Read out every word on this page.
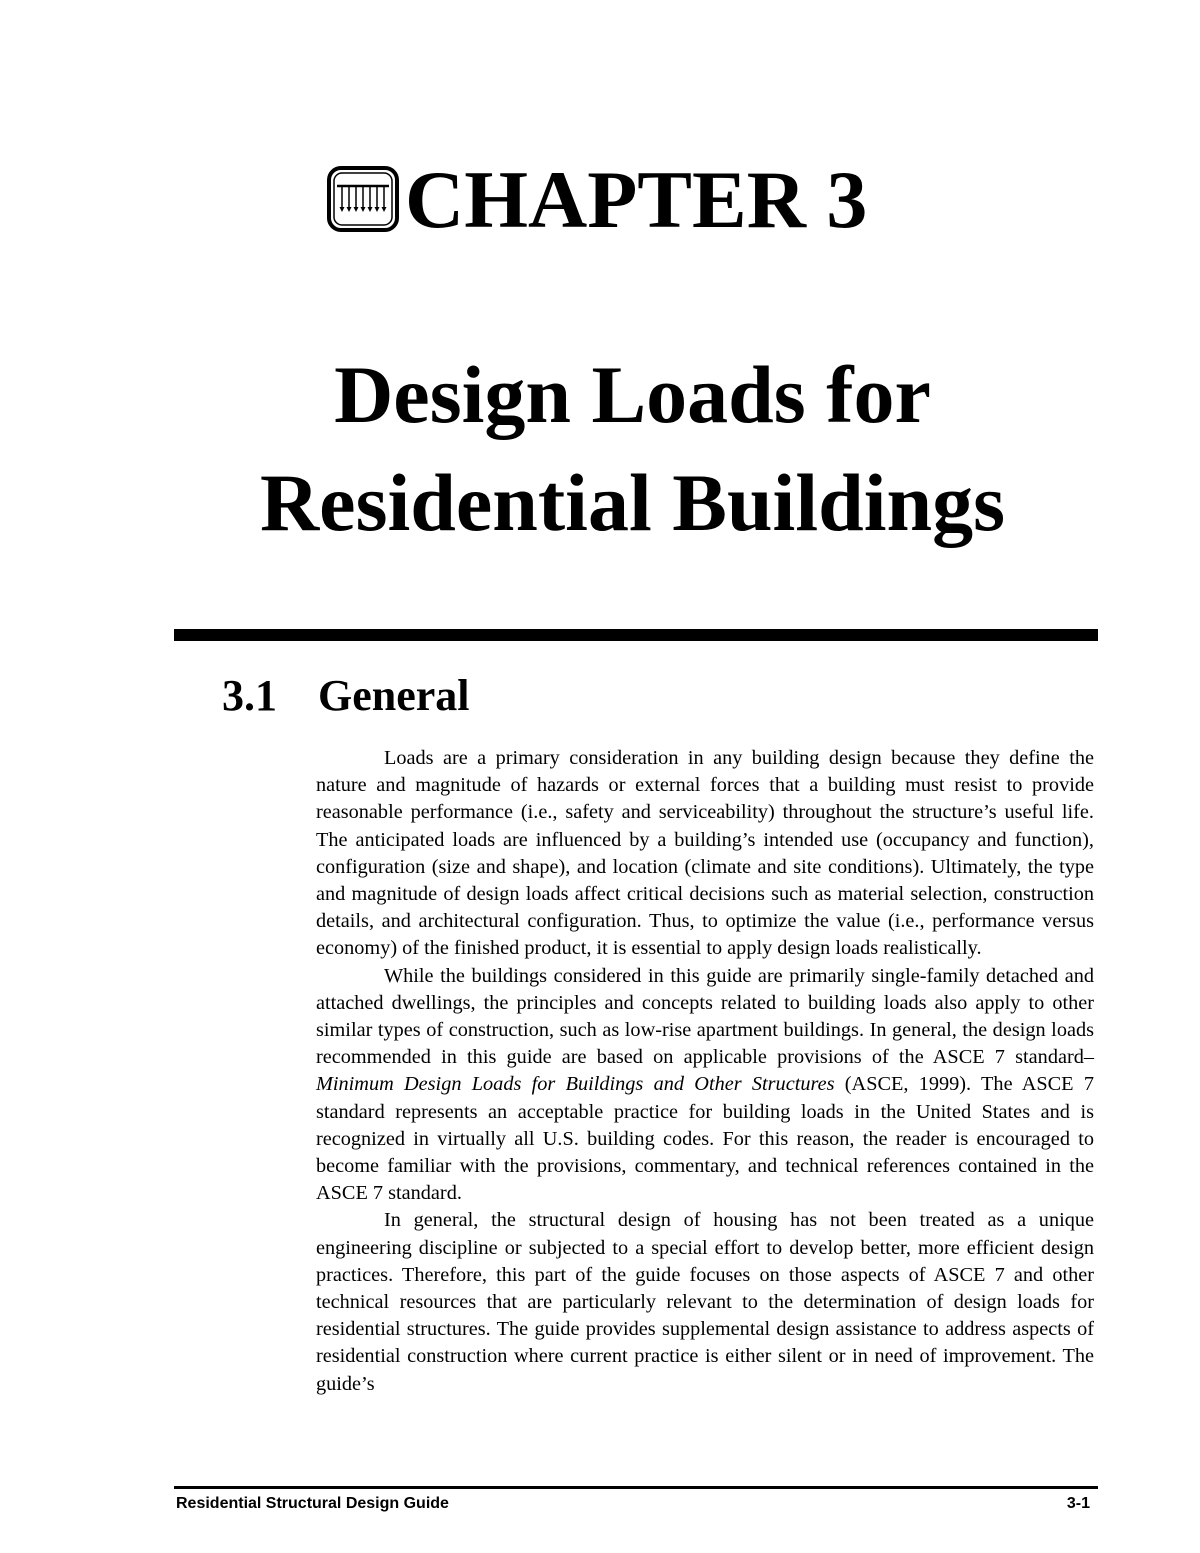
CHAPTER 3
Design Loads for
Residential Buildings
3.1 General

Loads are a primary consideration in any building design because they define the nature and magnitude of hazards or external forces that a building must resist to provide reasonable performance (i.e., safety and serviceability) throughout the structure’s useful life. The anticipated loads are influenced by a building’s intended use (occupancy and function), configuration (size and shape), and location (climate and site conditions). Ultimately, the type and magnitude of design loads affect critical decisions such as material selection, construction details, and architectural configuration. Thus, to optimize the value (i.e., performance versus economy) of the finished product, it is essential to apply design loads realistically.

While the buildings considered in this guide are primarily single-family detached and attached dwellings, the principles and concepts related to building loads also apply to other similar types of construction, such as low-rise apartment buildings. In general, the design loads recommended in this guide are based on applicable provisions of the ASCE 7 standard–Minimum Design Loads for Buildings and Other Structures (ASCE, 1999). The ASCE 7 standard represents an acceptable practice for building loads in the United States and is recognized in virtually all U.S. building codes. For this reason, the reader is encouraged to become familiar with the provisions, commentary, and technical references contained in the ASCE 7 standard.

In general, the structural design of housing has not been treated as a unique engineering discipline or subjected to a special effort to develop better, more efficient design practices. Therefore, this part of the guide focuses on those aspects of ASCE 7 and other technical resources that are particularly relevant to the determination of design loads for residential structures. The guide provides supplemental design assistance to address aspects of residential construction where current practice is either silent or in need of improvement. The guide’s

Residential Structural Design Guide	3-1
